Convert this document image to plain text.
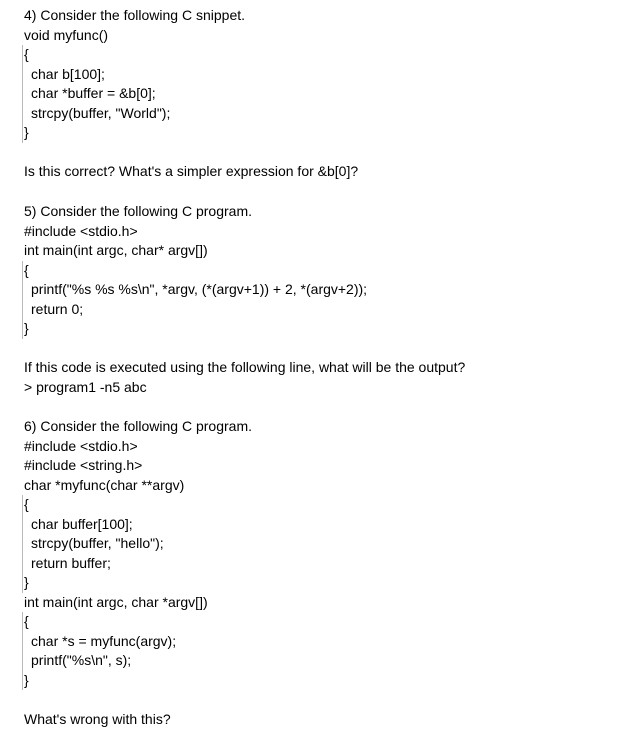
4) Consider the following C snippet.
void myfunc()
{
char b[100];
char *buffer = &b[0];
strcpy(buffer, "World");
}
Is this correct? What's a simpler expression for &b[0]?
5) Consider the following C program.
#include <stdio.h>
int main(int argc, char* argv[])
{
printf("%s %s %s\n", *argv, (*(argv+1)) + 2, *(argv+2));
return 0;
}
If this code is executed using the following line, what will be the output?
> program1 -n5 abc
6) Consider the following C program.
#include <stdio.h>
#include <string.h>
char *myfunc(char **argv)
{
char buffer[100];
strcpy(buffer, "hello");
return buffer;
}
int main(int argc, char *argv[])
{
char *s = myfunc(argv);
printf("%s\n", s);
}
What's wrong with this?
